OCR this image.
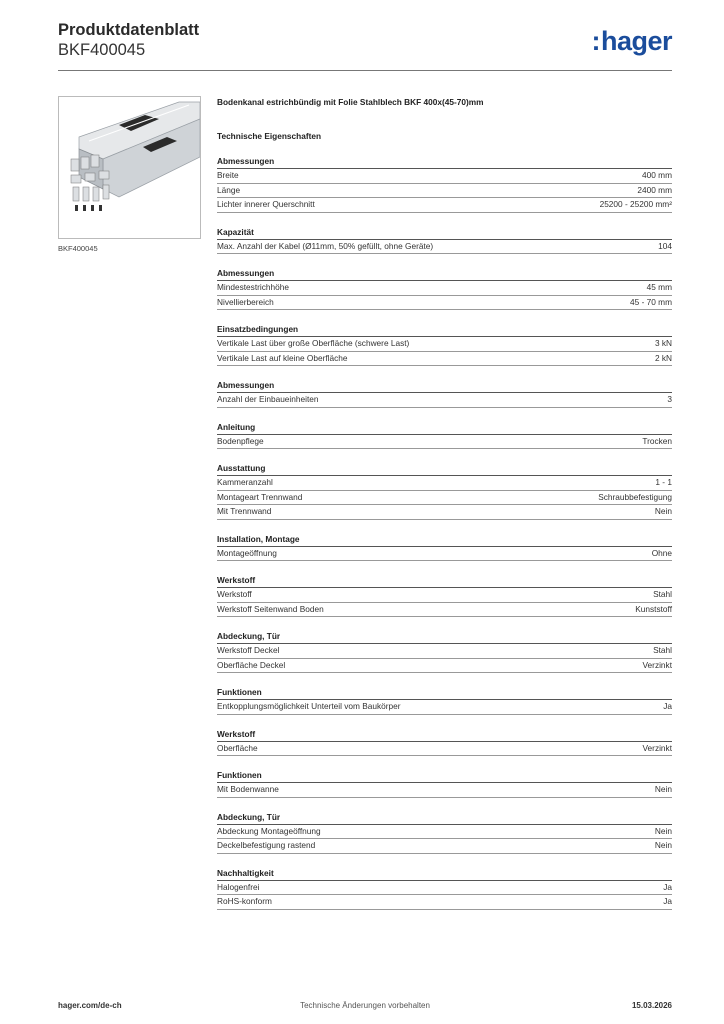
Produktdatenblatt
BKF400045	:hager
BKF400045
Bodenkanal estrichbündig mit Folie Stahlblech BKF 400x(45-70)mm
Technische Eigenschaften
Abmessungen
Breite	400 mm
Länge	2400 mm
Lichter innerer Querschnitt	25200 - 25200 mm²
Kapazität
Max. Anzahl der Kabel (Ø11mm, 50% gefüllt, ohne Geräte)	104
Abmessungen
Mindestestrichhöhe	45 mm
Nivellierbereich	45 - 70 mm
Einsatzbedingungen
Vertikale Last über große Oberfläche (schwere Last)	3 kN
Vertikale Last auf kleine Oberfläche	2 kN
Abmessungen
Anzahl der Einbaueinheiten	3
Anleitung
Bodenpflege	Trocken
Ausstattung
Kammeranzahl	1 - 1
Montageart Trennwand	Schraubbefestigung
Mit Trennwand	Nein
Installation, Montage
Montageöffnung	Ohne
Werkstoff
Werkstoff	Stahl
Werkstoff Seitenwand Boden	Kunststoff
Abdeckung, Tür
Werkstoff Deckel	Stahl
Oberfläche Deckel	Verzinkt
Funktionen
Entkopplungsmöglichkeit Unterteil vom Baukörper	Ja
Werkstoff
Oberfläche	Verzinkt
Funktionen
Mit Bodenwanne	Nein
Abdeckung, Tür
Abdeckung Montageöffnung	Nein
Deckelbefestigung rastend	Nein
Nachhaltigkeit
Halogenfrei	Ja
RoHS-konform	Ja
hager.com/de-ch	Technische Änderungen vorbehalten	15.03.2026
